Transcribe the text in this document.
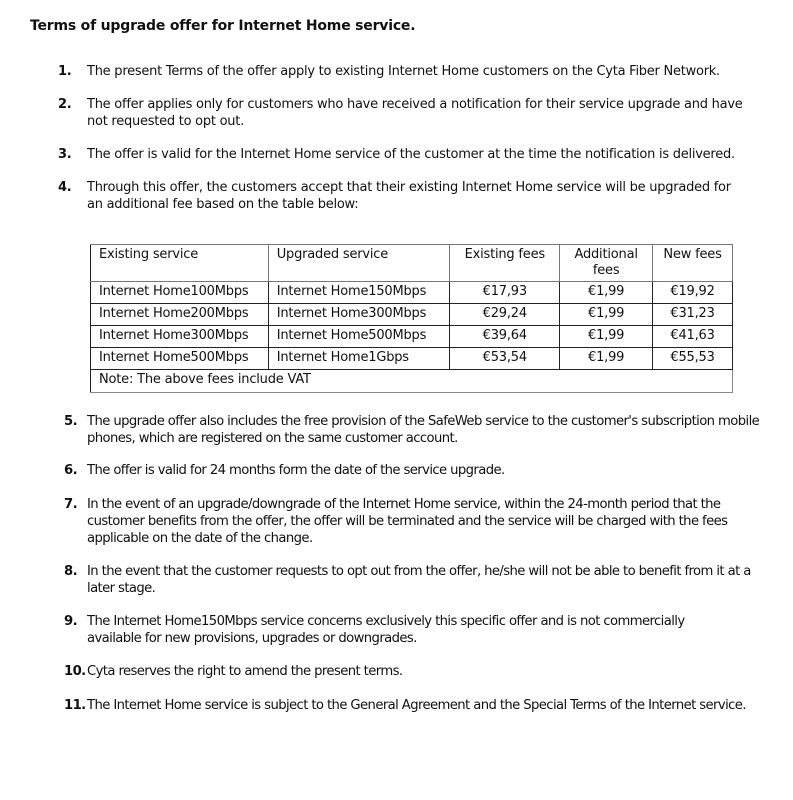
Terms of upgrade offer for Internet Home service.
1. The present Terms of the offer apply to existing Internet Home customers on the Cyta Fiber Network.
2. The offer applies only for customers who have received a notification for their service upgrade and have not requested to opt out.
3. The offer is valid for the Internet Home service of the customer at the time the notification is delivered.
4. Through this offer, the customers accept that their existing Internet Home service will be upgraded for an additional fee based on the table below:
Existing service	Upgraded service	Existing fees	Additional fees	New fees
Internet Home100Mbps	Internet Home150Mbps	€17,93	€1,99	€19,92
Internet Home200Mbps	Internet Home300Mbps	€29,24	€1,99	€31,23
Internet Home300Mbps	Internet Home500Mbps	€39,64	€1,99	€41,63
Internet Home500Mbps	Internet Home1Gbps	€53,54	€1,99	€55,53
Note: The above fees include VAT				
5. The upgrade offer also includes the free provision of the SafeWeb service to the customer's subscription mobile phones, which are registered on the same customer account.
6. The offer is valid for 24 months form the date of the service upgrade.
7. In the event of an upgrade/downgrade of the Internet Home service, within the 24-month period that the customer benefits from the offer, the offer will be terminated and the service will be charged with the fees applicable on the date of the change.
8. In the event that the customer requests to opt out from the offer, he/she will not be able to benefit from it at a later stage.
9. The Internet Home150Mbps service concerns exclusively this specific offer and is not commercially available for new provisions, upgrades or downgrades.
10. Cyta reserves the right to amend the present terms.
11. The Internet Home service is subject to the General Agreement and the Special Terms of the Internet service.
